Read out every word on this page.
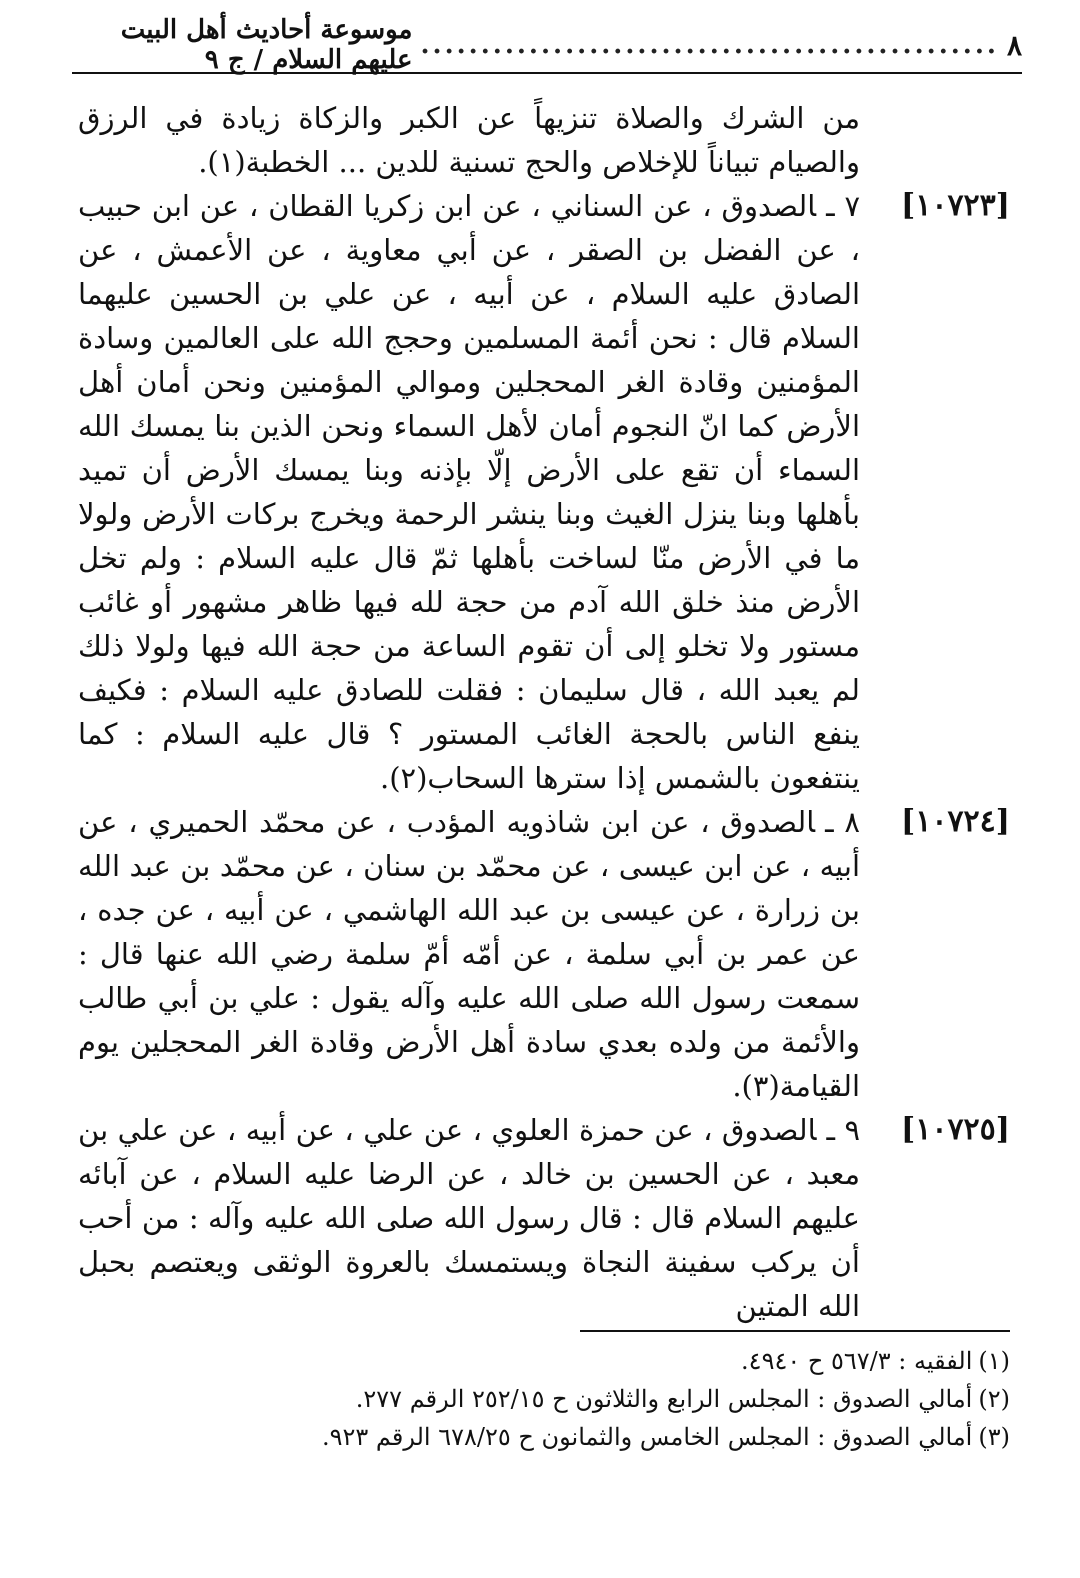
٨
................................................
موسوعة أحاديث أهل البيت عليهم السلام / ج ٩

من الشرك والصلاة تنزيهاً عن الكبر والزكاة زيادة في الرزق والصيام تبياناً للإخلاص والحج تسنية للدين ... الخطبة(١).

[١٠٧٢٣]
٧ ـالصدوق ، عن السناني ، عن ابن زكريا القطان ، عن ابن حبيب ، عن الفضل بن الصقر ، عن أبي معاوية ، عن الأعمش ، عن الصادق عليه السلام ، عن أبيه ، عن علي بن الحسين عليهما السلام قال : نحن أئمة المسلمين وحجج الله على العالمين وسادة المؤمنين وقادة الغر المحجلين وموالي المؤمنين ونحن أمان أهل الأرض كما انّ النجوم أمان لأهل السماء ونحن الذين بنا يمسك الله السماء أن تقع على الأرض إلّا بإذنه وبنا يمسك الأرض أن تميد بأهلها وبنا ينزل الغيث وبنا ينشر الرحمة ويخرج بركات الأرض ولولا ما في الأرض منّا لساخت بأهلها ثمّ قال عليه السلام : ولم تخل الأرض منذ خلق الله آدم من حجة لله فيها ظاهر مشهور أو غائب مستور ولا تخلو إلى أن تقوم الساعة من حجة الله فيها ولولا ذلك لم يعبد الله ، قال سليمان : فقلت للصادق عليه السلام : فكيف ينفع الناس بالحجة الغائب المستور ؟ قال عليه السلام : كما ينتفعون بالشمس إذا سترها السحاب(٢).
[١٠٧٢٤]
٨ ـالصدوق ، عن ابن شاذويه المؤدب ، عن محمّد الحميري ، عن أبيه ، عن ابن عيسى ، عن محمّد بن سنان ، عن محمّد بن عبد الله بن زرارة ، عن عيسى بن عبد الله الهاشمي ، عن أبيه ، عن جده ، عن عمر بن أبي سلمة ، عن أمّه أمّ سلمة رضي الله عنها قال : سمعت رسول الله صلى الله عليه وآله يقول : علي بن أبي طالب والأئمة من ولده بعدي سادة أهل الأرض وقادة الغر المحجلين يوم القيامة(٣).
[١٠٧٢٥]
٩ ـالصدوق ، عن حمزة العلوي ، عن علي ، عن أبيه ، عن علي بن معبد ، عن الحسين بن خالد ، عن الرضا عليه السلام ، عن آبائه عليهم السلام قال : قال رسول الله صلى الله عليه وآله : من أحب أن يركب سفينة النجاة ويستمسك بالعروة الوثقى ويعتصم بحبل الله المتين

(١)الفقيه : ٥٦٧/٣ ح ٤٩٤٠.

(٢)أمالي الصدوق : المجلس الرابع والثلاثون ح ٢٥٢/١٥ الرقم ٢٧٧.

(٣)أمالي الصدوق : المجلس الخامس والثمانون ح ٦٧٨/٢٥ الرقم ٩٢٣.
